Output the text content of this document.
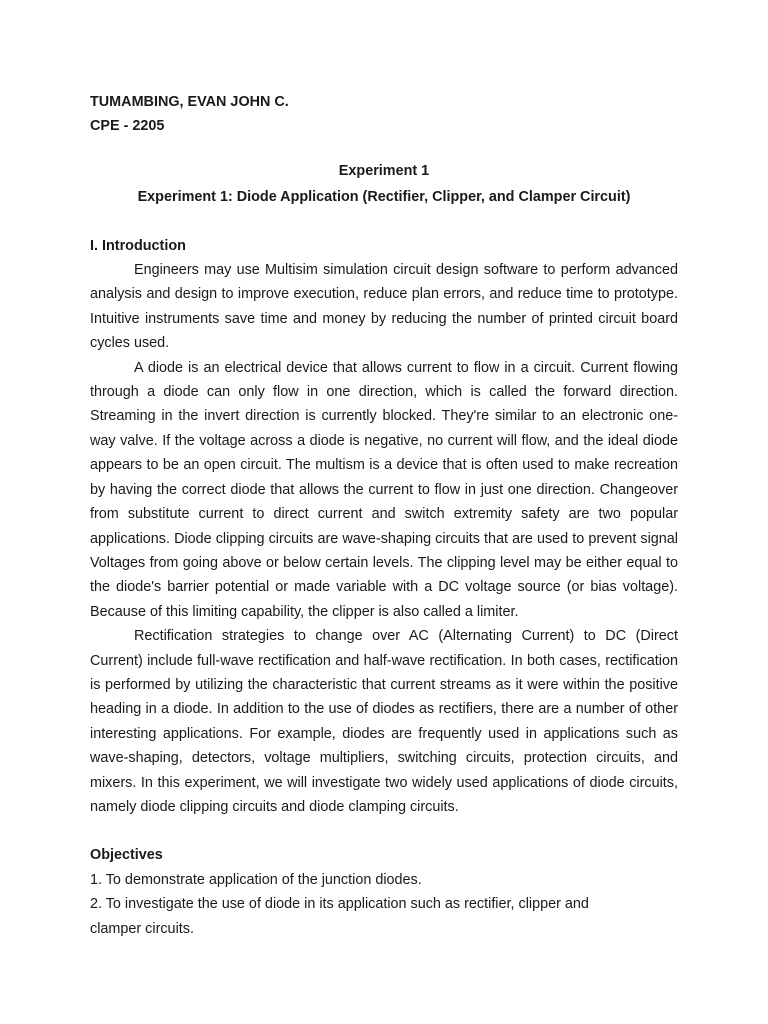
TUMAMBING, EVAN JOHN C.

CPE - 2205

Experiment 1

Experiment 1: Diode Application (Rectifier, Clipper, and Clamper Circuit)

I. Introduction

Engineers may use Multisim simulation circuit design software to perform advanced analysis and design to improve execution, reduce plan errors, and reduce time to prototype. Intuitive instruments save time and money by reducing the number of printed circuit board cycles used.

A diode is an electrical device that allows current to flow in a circuit. Current flowing through a diode can only flow in one direction, which is called the forward direction. Streaming in the invert direction is currently blocked. They're similar to an electronic one-way valve. If the voltage across a diode is negative, no current will flow, and the ideal diode appears to be an open circuit. The multism is a device that is often used to make recreation by having the correct diode that allows the current to flow in just one direction. Changeover from substitute current to direct current and switch extremity safety are two popular applications. Diode clipping circuits are wave-shaping circuits that are used to prevent signal Voltages from going above or below certain levels. The clipping level may be either equal to the diode's barrier potential or made variable with a DC voltage source (or bias voltage). Because of this limiting capability, the clipper is also called a limiter.

Rectification strategies to change over AC (Alternating Current) to DC (Direct Current) include full-wave rectification and half-wave rectification. In both cases, rectification is performed by utilizing the characteristic that current streams as it were within the positive heading in a diode. In addition to the use of diodes as rectifiers, there are a number of other interesting applications. For example, diodes are frequently used in applications such as wave-shaping, detectors, voltage multipliers, switching circuits, protection circuits, and mixers. In this experiment, we will investigate two widely used applications of diode circuits, namely diode clipping circuits and diode clamping circuits.

Objectives

1. To demonstrate application of the junction diodes.

2. To investigate the use of diode in its application such as rectifier, clipper and

clamper circuits.
